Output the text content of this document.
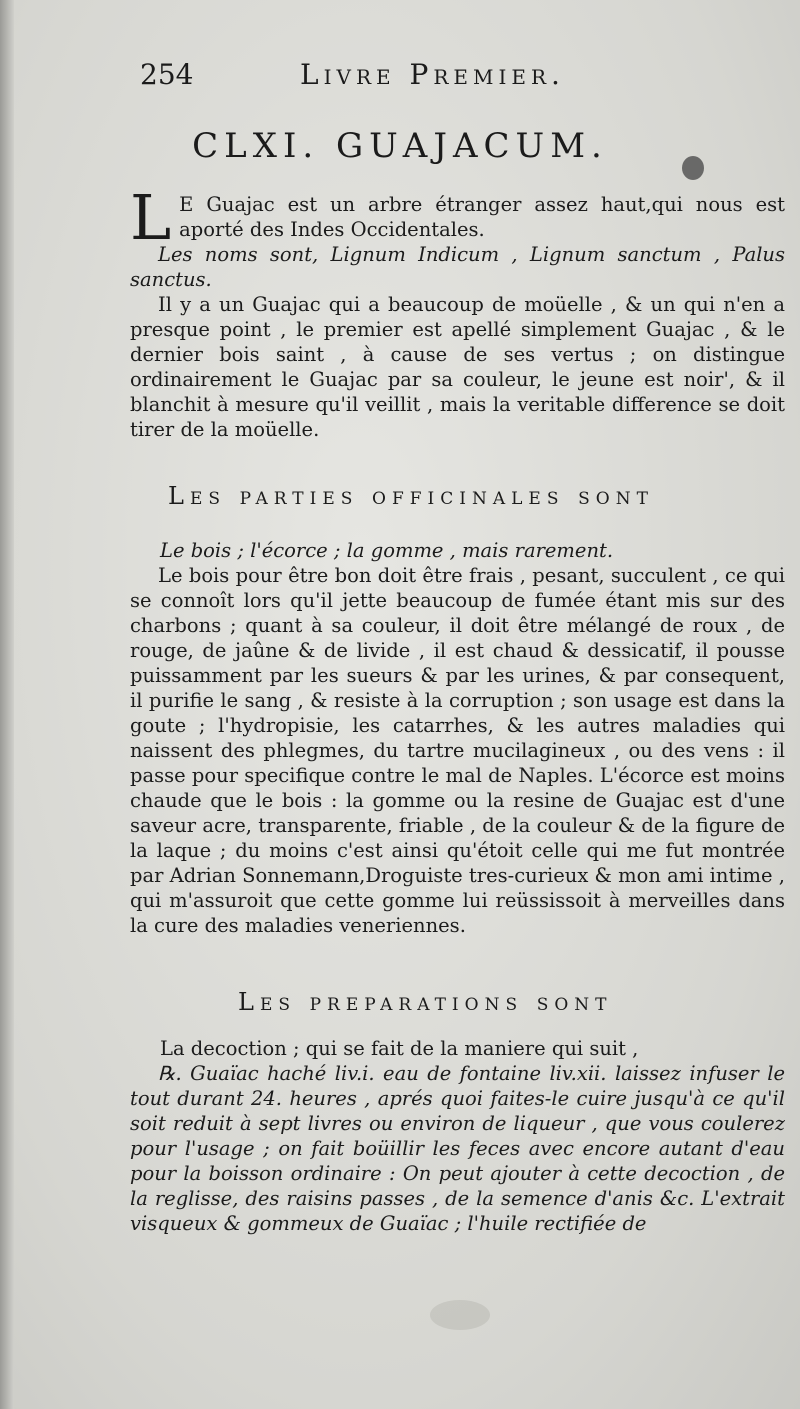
254	Livre Premier.
CLXI. GUAJACUM.

L E Guajac est un arbre étranger assez haut,qui nous est aporté des Indes Occidentales.

Les noms sont, Lignum Indicum , Lignum sanctum , Palus sanctus.

Il y a un Guajac qui a beaucoup de moüelle , & un qui n'en a presque point , le premier est apellé simplement Guajac , & le dernier bois saint , à cause de ses vertus ; on distingue ordinairement le Guajac par sa couleur, le jeune est noir', & il blanchit à mesure qu'il veillit , mais la veritable difference se doit tirer de la moüelle.

Les parties officinales sont

Le bois ; l'écorce ; la gomme , mais rarement.

Le bois pour être bon doit être frais , pesant, succulent , ce qui se connoît lors qu'il jette beaucoup de fumée étant mis sur des charbons ; quant à sa couleur, il doit être mélangé de roux , de rouge, de jaûne & de livide , il est chaud & dessicatif, il pousse puissamment par les sueurs & par les urines, & par consequent, il purifie le sang , & resiste à la corruption ; son usage est dans la goute ; l'hydropisie, les catarrhes, & les autres maladies qui naissent des phlegmes, du tartre mucilagineux , ou des vens : il passe pour specifique contre le mal de Naples. L'écorce est moins chaude que le bois : la gomme ou la resine de Guajac est d'une saveur acre, transparente, friable , de la couleur & de la figure de la laque ; du moins c'est ainsi qu'étoit celle qui me fut montrée par Adrian Sonnemann,Droguiste tres-curieux & mon ami intime , qui m'assuroit que cette gomme lui reüssissoit à merveilles dans la cure des maladies veneriennes.

Les preparations sont

La decoction ; qui se fait de la maniere qui suit ,

℞. Guaïac haché liv.i. eau de fontaine liv.xii. laissez infuser le tout durant 24. heures , aprés quoi faites-le cuire jusqu'à ce qu'il soit reduit à sept livres ou environ de liqueur , que vous coulerez pour l'usage ; on fait boüillir les feces avec encore autant d'eau pour la boisson ordinaire : On peut ajouter à cette decoction , de la reglisse, des raisins passes , de la semence d'anis &c. L'extrait visqueux & gommeux de Guaïac ; l'huile rectifiée de
